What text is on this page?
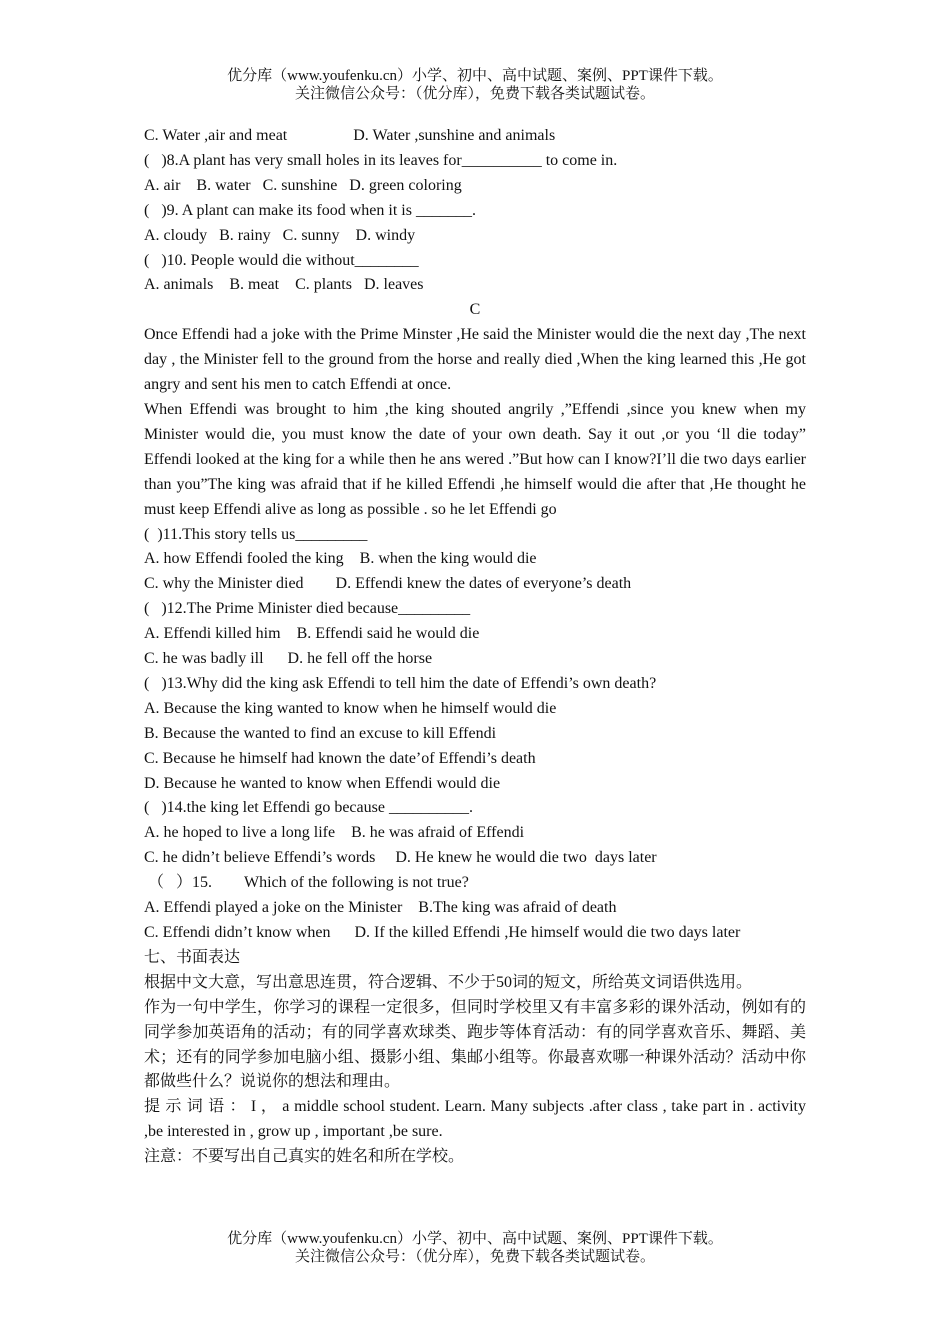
优分库（www.youfenku.cn）小学、初中、高中试题、案例、PPT课件下载。
关注微信公众号：（优分库），免费下载各类试题试卷。
C. Water ,air and meat	D. Water ,sunshine and animals
(   )8.A plant has very small holes in its leaves for__________ to come in.
A. air    B. water   C. sunshine   D. green coloring
(   )9. A plant can make its food when it is _______.
A. cloudy   B. rainy   C. sunny    D. windy
(   )10. People would die without________
A. animals    B. meat    C. plants   D. leaves
C
Once Effendi had a joke with the Prime Minster ,He said the Minister would die the next day ,The next day , the Minister fell to the ground from the horse and really died ,When the king learned this ,He got angry and sent his men to catch Effendi at once.
When Effendi was brought to him ,the king shouted angrily ,”Effendi ,since you knew when my Minister would die, you must know the date of your own death. Say it out ,or you ‘ll die today” Effendi looked at the king for a while then he ans wered .”But how can I know?I’ll die two days earlier than you”The king was afraid that if he killed Effendi ,he himself would die after that ,He thought he must keep Effendi alive as long as possible . so he let Effendi go
(  )11.This story tells us_________
A. how Effendi fooled the king    B. when the king would die
C. why the Minister died        D. Effendi knew the dates of everyone’s death
(   )12.The Prime Minister died because_________
A. Effendi killed him    B. Effendi said he would die
C. he was badly ill      D. he fell off the horse
(   )13.Why did the king ask Effendi to tell him the date of Effendi’s own death?
A. Because the king wanted to know when he himself would die
B. Because the wanted to find an excuse to kill Effendi
C. Because he himself had known the date’of Effendi’s death
D. Because he wanted to know when Effendi would die
(   )14.the king let Effendi go because __________.
A. he hoped to live a long life    B. he was afraid of Effendi
C. he didn’t believe Effendi’s words     D. He knew he would die two  days later
（   ）15.        Which of the following is not true?
A. Effendi played a joke on the Minister    B.The king was afraid of death
C. Effendi didn’t know when      D. If the killed Effendi ,He himself would die two days later
七、书面表达
根据中文大意，写出意思连贯，符合逻辑、不少于50词的短文，所给英文词语供选用。
作为一句中学生，你学习的课程一定很多，但同时学校里又有丰富多彩的课外活动，例如有的同学参加英语角的活动；有的同学喜欢球类、跑步等体育活动：有的同学喜欢音乐、舞蹈、美术；还有的同学参加电脑小组、摄影小组、集邮小组等。你最喜欢哪一种课外活动？活动中你都做些什么？说说你的想法和理由。
提 示 词 语 ： I ， a middle school student. Learn. Many subjects .after class , take part in . activity ,be interested in , grow up , important ,be sure.
注意：不要写出自己真实的姓名和所在学校。
优分库（www.youfenku.cn）小学、初中、高中试题、案例、PPT课件下载。
关注微信公众号：（优分库），免费下载各类试题试卷。
